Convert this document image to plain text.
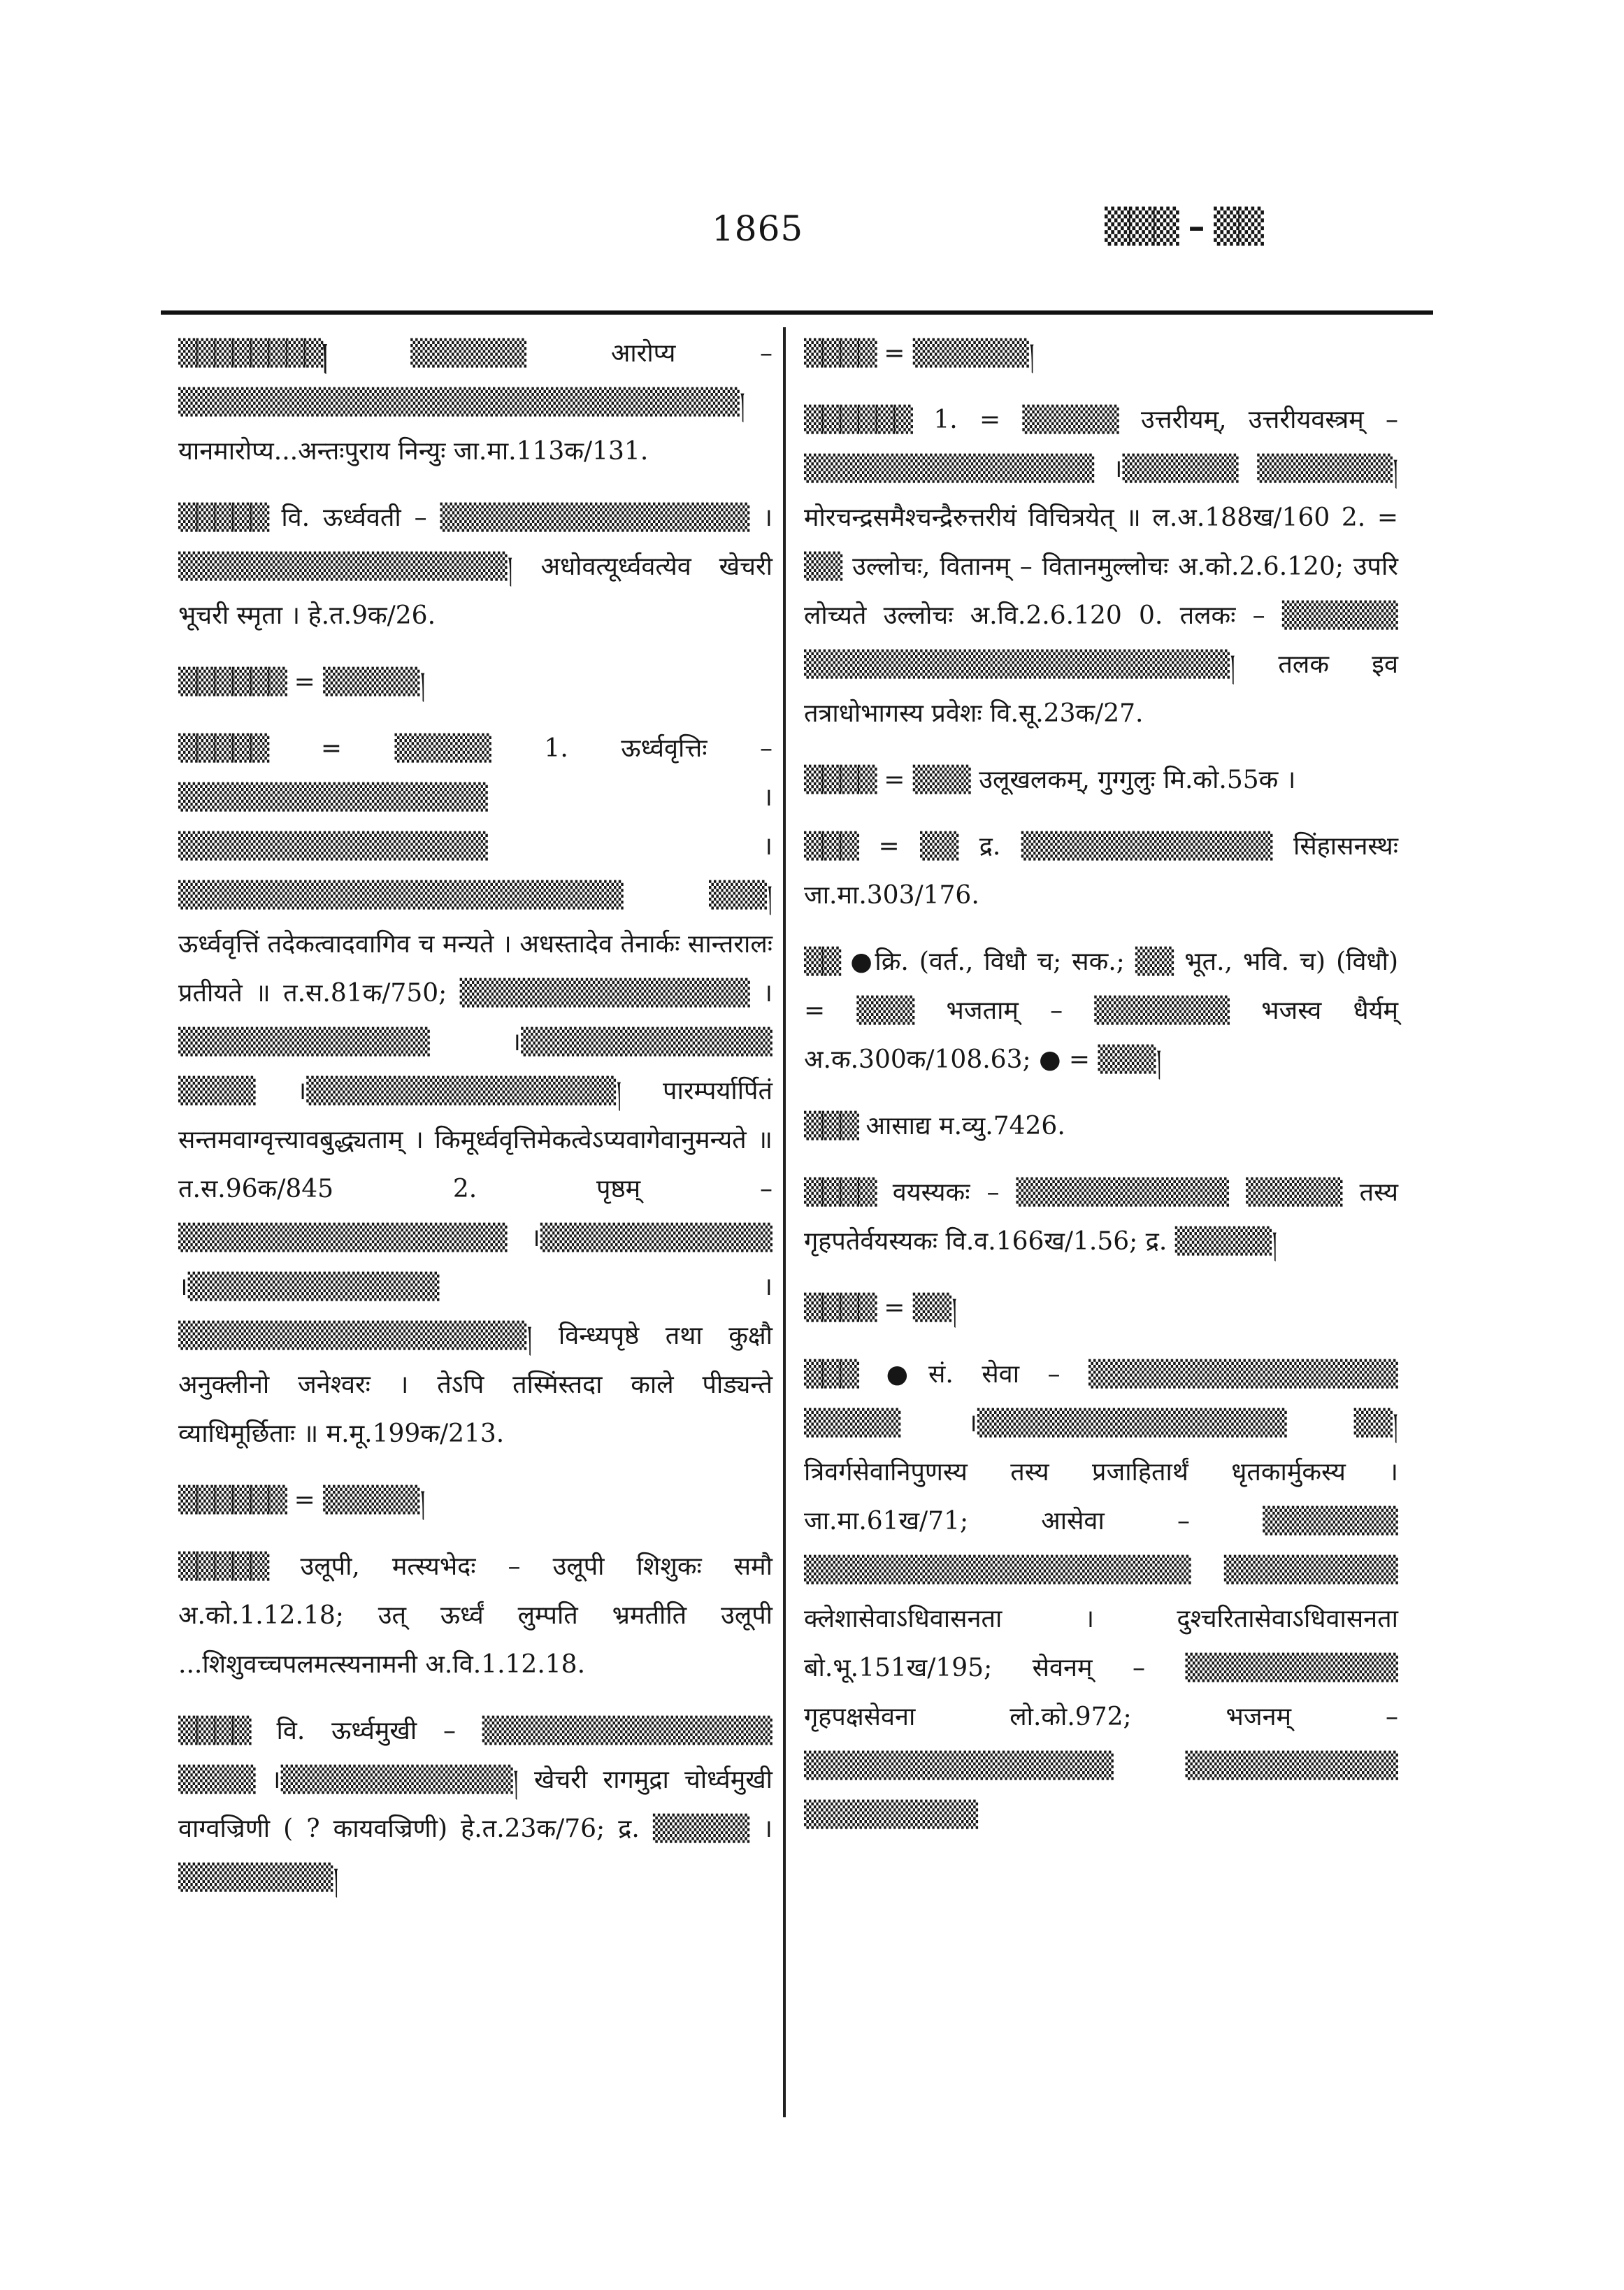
1865	▒▒▒ – ▒▒
▒▒▒▒▒▒▒▒།	▒▒▒▒▒▒ आरोप्य – ▒▒▒▒▒▒▒▒▒▒▒▒▒▒▒▒▒▒▒▒▒▒▒▒▒▒▒▒▒། यानमारोप्य...अन्तःपुराय निन्युः जा.मा.113क/131.
▒▒▒▒▒ वि. ऊर्ध्ववती – ▒▒▒▒▒▒▒▒▒▒▒▒▒▒▒▒ ।▒▒▒▒▒▒▒▒▒▒▒▒▒▒▒▒▒། अधोवत्यूर्ध्ववत्येव खेचरी भूचरी स्मृता । हे.त.9क/26.
▒▒▒▒▒▒ = ▒▒▒▒▒།
▒▒▒▒▒ = ▒▒▒▒▒ 1. ऊर्ध्ववृत्तिः – ▒▒▒▒▒▒▒▒▒▒▒▒▒▒▒▒ ।▒▒▒▒▒▒▒▒▒▒▒▒▒▒▒▒ ।▒▒▒▒▒▒▒▒▒▒▒▒▒▒▒▒▒▒▒▒▒▒▒ ▒▒▒། ऊर्ध्ववृत्तिं तदेकत्वादवागिव च मन्यते । अधस्तादेव तेनार्कः सान्तरालः प्रतीयते ॥ त.स.81क/750; ▒▒▒▒▒▒▒▒▒▒▒▒▒▒▒ ।▒▒▒▒▒▒▒▒▒▒▒▒▒ ।▒▒▒▒▒▒▒▒▒▒▒▒▒ ▒▒▒▒ ।▒▒▒▒▒▒▒▒▒▒▒▒▒▒▒▒། पारम्पर्यार्पितं सन्तमवाग्वृत्त्यावबुद्ध्यताम् । किमूर्ध्ववृत्तिमेकत्वेऽप्यवागेवानुमन्यते ॥ त.स.96क/845 2. पृष्ठम् – ▒▒▒▒▒▒▒▒▒▒▒▒▒▒▒▒▒ ।▒▒▒▒▒▒▒▒▒▒▒▒ ।▒▒▒▒▒▒▒▒▒▒▒▒▒ ।▒▒▒▒▒▒▒▒▒▒▒▒▒▒▒▒▒▒། विन्ध्यपृष्ठे तथा कुक्षौ अनुक्लीनो जनेश्वरः । तेऽपि तस्मिंस्तदा काले पीड्यन्ते व्याधिमूर्छिताः ॥ म.मू.199क/213.
▒▒▒▒▒▒ = ▒▒▒▒▒།
▒▒▒▒▒ उलूपी, मत्स्यभेदः – उलूपी शिशुकः समौ अ.को.1.12.18; उत् ऊर्ध्वं लुम्पति भ्रमतीति उलूपी ...शिशुवच्चपलमत्स्यनामनी अ.वि.1.12.18.
▒▒▒▒ वि. ऊर्ध्वमुखी – ▒▒▒▒▒▒▒▒▒▒▒▒▒▒▒ ▒▒▒▒ ।▒▒▒▒▒▒▒▒▒▒▒▒། खेचरी रागमुद्रा चोर्ध्वमुखी वाग्वज्रिणी ( ? कायवज्रिणी) हे.त.23क/76; द्र. ▒▒▒▒▒ ।▒▒▒▒▒▒▒▒།
▒▒▒▒ = ▒▒▒▒▒▒།
▒▒▒▒▒▒ 1. = ▒▒▒▒▒ उत्तरीयम्, उत्तरीयवस्त्रम् – ▒▒▒▒▒▒▒▒▒▒▒▒▒▒▒ ।▒▒▒▒▒▒ ▒▒▒▒▒▒▒། मोरचन्द्रसमैश्चन्द्रैरुत्तरीयं विचित्रयेत् ॥ ल.अ.188ख/160 2. = ▒▒ उल्लोचः, वितानम् – वितानमुल्लोचः अ.को.2.6.120; उपरि लोच्यते उल्लोचः अ.वि.2.6.120 0. तलकः – ▒▒▒▒▒▒ ▒▒▒▒▒▒▒▒▒▒▒▒▒▒▒▒▒▒▒▒▒▒། तलक इव तत्राधोभागस्य प्रवेशः वि.सू.23क/27.
▒▒▒▒ = ▒▒▒ उलूखलकम्, गुग्गुलुः मि.को.55क ।
▒▒▒ = ▒▒ द्र. ▒▒▒▒▒▒▒▒▒▒▒▒▒ सिंहासनस्थः जा.मा.303/176.
▒▒ ●क्रि. (वर्त., विधौ च; सक.; ▒▒ भूत., भवि. च) (विधौ) = ▒▒▒ भजताम् – ▒▒▒▒▒▒▒ भजस्व धैर्यम् अ.क.300क/108.63; ● = ▒▒▒།
▒▒▒ आसाद्य म.व्यु.7426.
▒▒▒▒ वयस्यकः – ▒▒▒▒▒▒▒▒▒▒▒ ▒▒▒▒▒ तस्य गृहपतेर्वयस्यकः वि.व.166ख/1.56; द्र. ▒▒▒▒▒།
▒▒▒▒ = ▒▒།
▒▒▒ ●सं. सेवा – ▒▒▒▒▒▒▒▒▒▒▒▒▒▒▒▒ ▒▒▒▒▒ ।▒▒▒▒▒▒▒▒▒▒▒▒▒▒▒▒ ▒▒། त्रिवर्गसेवानिपुणस्य तस्य प्रजाहितार्थं धृतकार्मुकस्य । जा.मा.61ख/71; आसेवा – ▒▒▒▒▒▒▒ ▒▒▒▒▒▒▒▒▒▒▒▒▒▒▒▒▒▒▒▒ ▒▒▒▒▒▒▒▒▒ क्लेशासेवाऽधिवासनता । दुश्चरितासेवाऽधिवासनता बो.भू.151ख/195; सेवनम् – ▒▒▒▒▒▒▒▒▒▒▒ गृहपक्षसेवना लो.को.972; भजनम् – ▒▒▒▒▒▒▒▒▒▒▒▒▒▒▒▒ ▒▒▒▒▒▒▒▒▒▒▒ ▒▒▒▒▒▒▒▒▒
